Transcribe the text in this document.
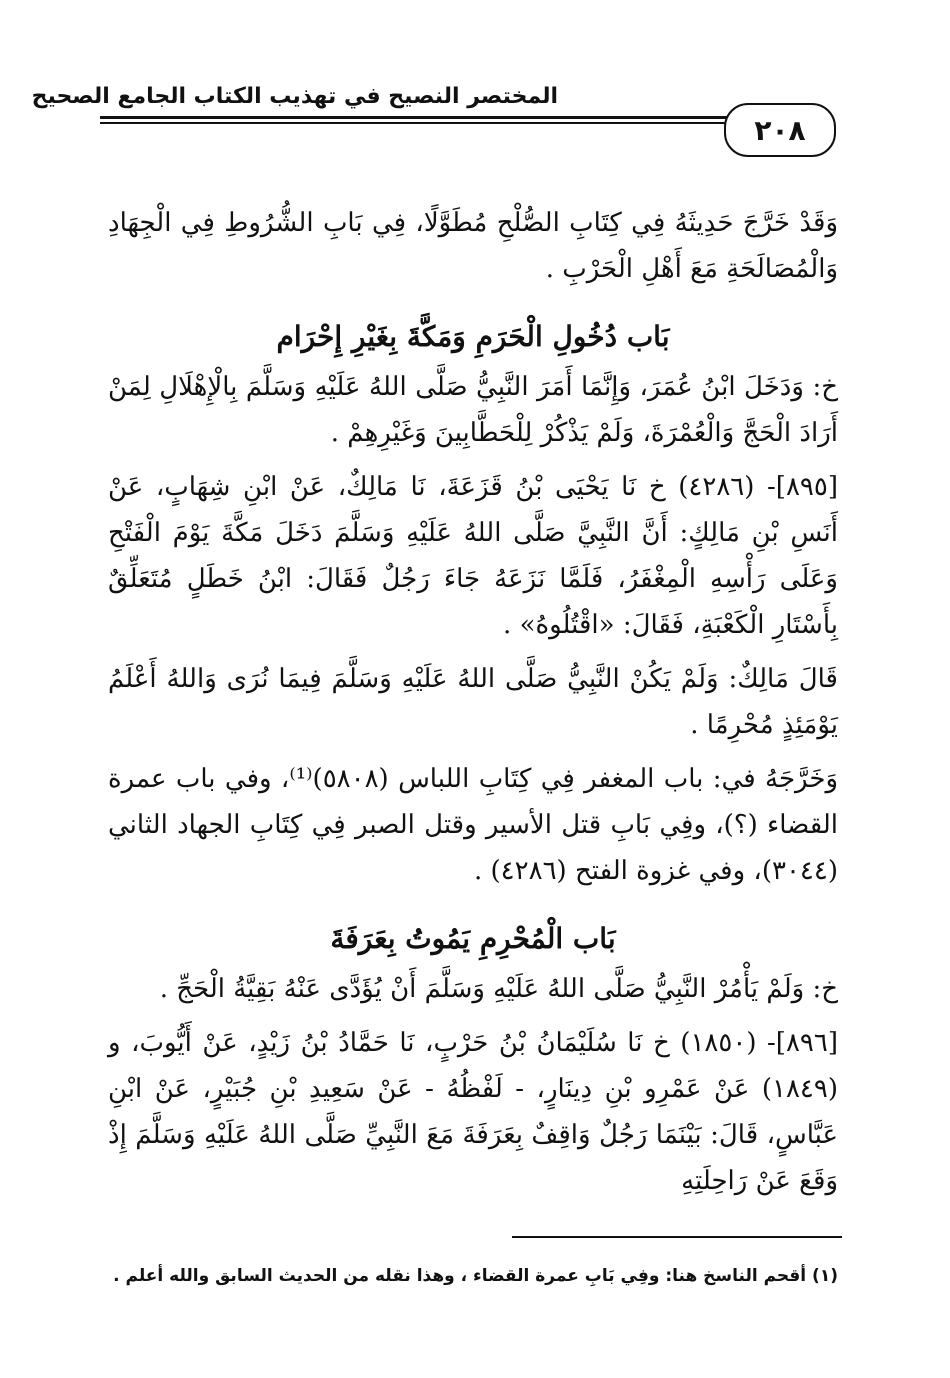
المختصر النصيح في تهذيب الكتاب الجامع الصحيح
٢٠٨

وَقَدْ خَرَّجَ حَدِيثَهُ فِي كِتَابِ الصُّلْحِ مُطَوَّلًا، فِي بَابِ الشُّرُوطِ فِي الْجِهَادِ وَالْمُصَالَحَةِ مَعَ أَهْلِ الْحَرْبِ .

بَاب دُخُولِ الْحَرَمِ وَمَكَّةَ بِغَيْرِ إِحْرَام

خ: وَدَخَلَ ابْنُ عُمَرَ، وَإِنَّمَا أَمَرَ النَّبِيُّ صَلَّى اللهُ عَلَيْهِ وَسَلَّمَ بِالْإِهْلَالِ لِمَنْ أَرَادَ الْحَجَّ وَالْعُمْرَةَ، وَلَمْ يَذْكُرْ لِلْحَطَّابِينَ وَغَيْرِهِمْ .

[٨٩٥]- (٤٢٨٦) خ نَا يَحْيَى بْنُ قَزَعَةَ، نَا مَالِكٌ، عَنْ ابْنِ شِهَابٍ، عَنْ أَنَسِ بْنِ مَالِكٍ: أَنَّ النَّبِيَّ صَلَّى اللهُ عَلَيْهِ وَسَلَّمَ دَخَلَ مَكَّةَ يَوْمَ الْفَتْحِ وَعَلَى رَأْسِهِ الْمِغْفَرُ، فَلَمَّا نَزَعَهُ جَاءَ رَجُلٌ فَقَالَ: ابْنُ خَطَلٍ مُتَعَلِّقٌ بِأَسْتَارِ الْكَعْبَةِ، فَقَالَ: «اقْتُلُوهُ» .

قَالَ مَالِكٌ: وَلَمْ يَكُنْ النَّبِيُّ صَلَّى اللهُ عَلَيْهِ وَسَلَّمَ فِيمَا نُرَى وَاللهُ أَعْلَمُ يَوْمَئِذٍ مُحْرِمًا .

وَخَرَّجَهُ في: باب المغفر فِي كِتَابِ اللباس (٥٨٠٨)⁽¹⁾، وفي باب عمرة القضاء (؟)، وفِي بَابِ قتل الأسير وقتل الصبر فِي كِتَابِ الجهاد الثاني (٣٠٤٤)، وفي غزوة الفتح (٤٢٨٦) .

بَاب الْمُحْرِمِ يَمُوتُ بِعَرَفَةَ

خ: وَلَمْ يَأْمُرْ النَّبِيُّ صَلَّى اللهُ عَلَيْهِ وَسَلَّمَ أَنْ يُؤَدَّى عَنْهُ بَقِيَّةُ الْحَجِّ .

[٨٩٦]- (١٨٥٠) خ نَا سُلَيْمَانُ بْنُ حَرْبٍ، نَا حَمَّادُ بْنُ زَيْدٍ، عَنْ أَيُّوبَ، و (١٨٤٩) عَنْ عَمْرِو بْنِ دِينَارٍ، - لَفْظُهُ - عَنْ سَعِيدِ بْنِ جُبَيْرٍ، عَنْ ابْنِ عَبَّاسٍ، قَالَ: بَيْنَمَا رَجُلٌ وَاقِفٌ بِعَرَفَةَ مَعَ النَّبِيِّ صَلَّى اللهُ عَلَيْهِ وَسَلَّمَ إِذْ وَقَعَ عَنْ رَاحِلَتِهِ

(١) أقحم الناسخ هنا: وفِي بَابِ عمرة القضاء ، وهذا نقله من الحديث السابق والله أعلم .
